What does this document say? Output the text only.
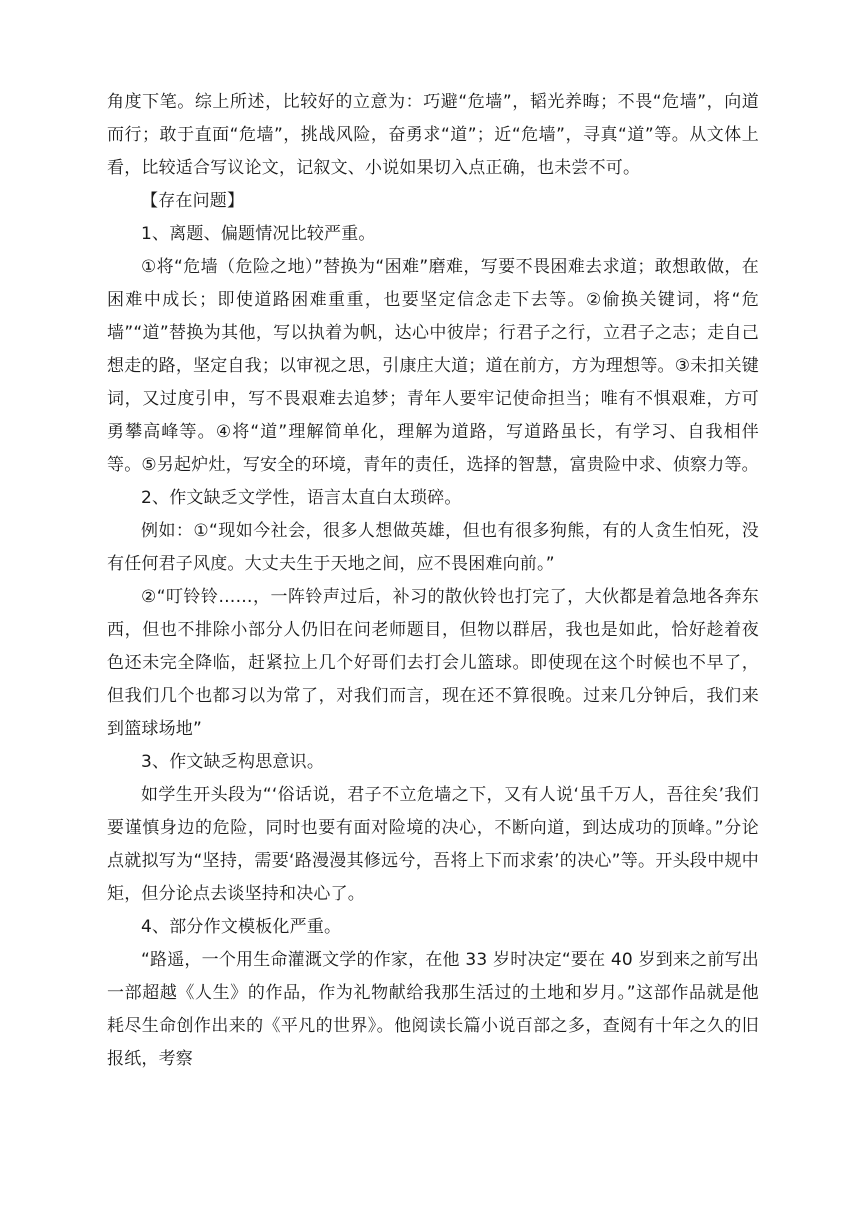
角度下笔。综上所述，比较好的立意为：巧避“危墙”，韬光养晦；不畏“危墙”，向道而行；敢于直面“危墙”，挑战风险，奋勇求“道”；近“危墙”，寻真“道”等。从文体上看，比较适合写议论文，记叙文、小说如果切入点正确，也未尝不可。

【存在问题】

1、离题、偏题情况比较严重。

①将“危墙（危险之地）”替换为“困难”磨难，写要不畏困难去求道；敢想敢做，在困难中成长；即使道路困难重重，也要坚定信念走下去等。②偷换关键词，将“危墙”“道”替换为其他，写以执着为帆，达心中彼岸；行君子之行，立君子之志；走自己想走的路，坚定自我；以审视之思，引康庄大道；道在前方，方为理想等。③未扣关键词，又过度引申，写不畏艰难去追梦；青年人要牢记使命担当；唯有不惧艰难，方可勇攀高峰等。④将“道”理解简单化，理解为道路，写道路虽长，有学习、自我相伴等。⑤另起炉灶，写安全的环境，青年的责任，选择的智慧，富贵险中求、侦察力等。

2、作文缺乏文学性，语言太直白太琐碎。

例如：①“现如今社会，很多人想做英雄，但也有很多狗熊，有的人贪生怕死，没有任何君子风度。大丈夫生于天地之间，应不畏困难向前。”

②“叮铃铃……，一阵铃声过后，补习的散伙铃也打完了，大伙都是着急地各奔东西，但也不排除小部分人仍旧在问老师题目，但物以群居，我也是如此，恰好趁着夜色还未完全降临，赶紧拉上几个好哥们去打会儿篮球。即使现在这个时候也不早了，但我们几个也都习以为常了，对我们而言，现在还不算很晚。过来几分钟后，我们来到篮球场地”

3、作文缺乏构思意识。

如学生开头段为“‘俗话说，君子不立危墙之下，又有人说‘虽千万人，吾往矣’我们要谨慎身边的危险，同时也要有面对险境的决心，不断向道，到达成功的顶峰。”分论点就拟写为“坚持，需要‘路漫漫其修远兮，吾将上下而求索’的决心”等。开头段中规中矩，但分论点去谈坚持和决心了。

4、部分作文模板化严重。

“路遥，一个用生命灌溉文学的作家，在他 33 岁时决定“要在 40 岁到来之前写出一部超越《人生》的作品，作为礼物献给我那生活过的土地和岁月。”这部作品就是他耗尽生命创作出来的《平凡的世界》。他阅读长篇小说百部之多，查阅有十年之久的旧报纸，考察
